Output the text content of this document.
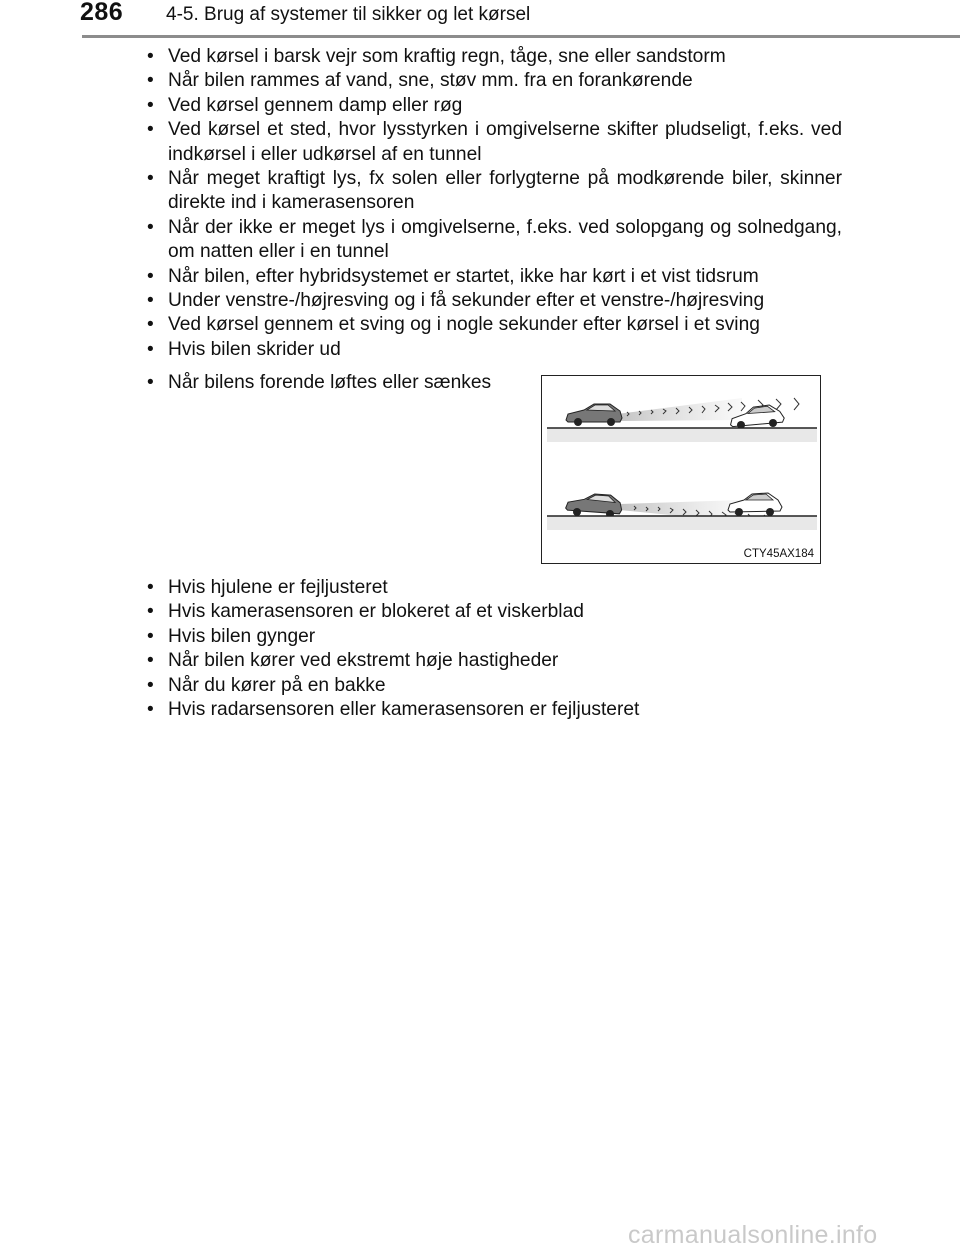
286 4-5. Brug af systemer til sikker og let kørsel
• Ved kørsel i barsk vejr som kraftig regn, tåge, sne eller sandstorm
• Når bilen rammes af vand, sne, støv mm. fra en forankørende
• Ved kørsel gennem damp eller røg
• Ved kørsel et sted, hvor lysstyrken i omgivelserne skifter pludseligt, f.eks. ved indkørsel i eller udkørsel af en tunnel
• Når meget kraftigt lys, fx solen eller forlygterne på modkørende biler, skinner direkte ind i kamerasensoren
• Når der ikke er meget lys i omgivelserne, f.eks. ved solopgang og solnedgang, om natten eller i en tunnel
• Når bilen, efter hybridsystemet er startet, ikke har kørt i et vist tidsrum
• Under venstre-/højresving og i få sekunder efter et venstre-/højresving
• Ved kørsel gennem et sving og i nogle sekunder efter kørsel i et sving
• Hvis bilen skrider ud
• Når bilens forende løftes eller sænkes
CTY45AX184
• Hvis hjulene er fejljusteret
• Hvis kamerasensoren er blokeret af et viskerblad
• Hvis bilen gynger
• Når bilen kører ved ekstremt høje hastigheder
• Når du kører på en bakke
• Hvis radarsensoren eller kamerasensoren er fejljusteret
carmanualsonline.info
